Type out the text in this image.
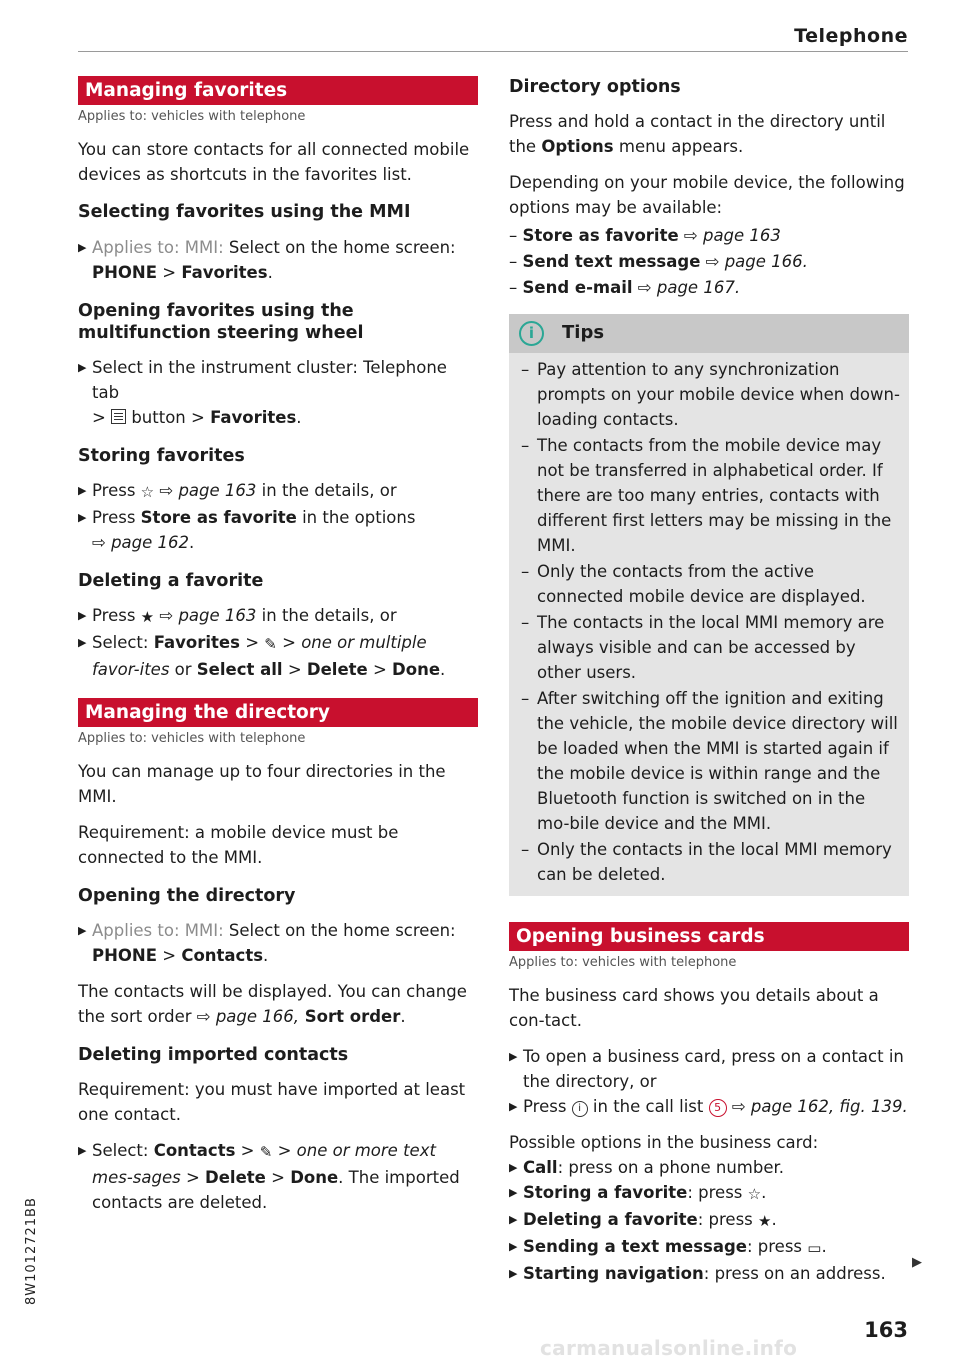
Telephone
Managing favorites
Applies to: vehicles with telephone

You can store contacts for all connected mobile devices as shortcuts in the favorites list.

Selecting favorites using the MMI
▶ Applies to: MMI: Select on the home screen:
PHONE > Favorites.
Opening favorites using the multifunction steering wheel
▶ Select in the instrument cluster: Telephone tab
>  button > Favorites.
Storing favorites
▶ Press ☆ ⇨ page 163 in the details, or
▶ Press Store as favorite in the options
⇨ page 162.
Deleting a favorite
▶ Press ★ ⇨ page 163 in the details, or
▶ Select: Favorites > ✎ > one or multiple favor-ites or Select all > Delete > Done.
Managing the directory
Applies to: vehicles with telephone

You can manage up to four directories in the MMI.

Requirement: a mobile device must be connected to the MMI.

Opening the directory
▶ Applies to: MMI: Select on the home screen:
PHONE > Contacts.

The contacts will be displayed. You can change the sort order ⇨ page 166, Sort order.

Deleting imported contacts

Requirement: you must have imported at least one contact.

▶ Select: Contacts > ✎ > one or more text mes-sages > Delete > Done. The imported contacts are deleted.
Directory options

Press and hold a contact in the directory until the Options menu appears.

Depending on your mobile device, the following options may be available:

– Store as favorite ⇨ page 163
– Send text message ⇨ page 166.
– Send e-mail ⇨ page 167.
i	Tips
– Pay attention to any synchronization prompts on your mobile device when down-loading contacts.
– The contacts from the mobile device may not be transferred in alphabetical order. If there are too many entries, contacts with different first letters may be missing in the MMI.
– Only the contacts from the active connected mobile device are displayed.
– The contacts in the local MMI memory are always visible and can be accessed by other users.
– After switching off the ignition and exiting the vehicle, the mobile device directory will be loaded when the MMI is started again if the mobile device is within range and the Bluetooth function is switched on in the mo-bile device and the MMI.
– Only the contacts in the local MMI memory can be deleted.
Opening business cards
Applies to: vehicles with telephone

The business card shows you details about a con-tact.

▶ To open a business card, press on a contact in the directory, or
▶ Press i in the call list 5 ⇨ page 162, fig. 139.

Possible options in the business card:

▶ Call: press on a phone number.
▶ Storing a favorite: press ☆.
▶ Deleting a favorite: press ★.
▶ Sending a text message: press ▭.
▶ Starting navigation: press on an address.
▶
8W1012721BB
163
carmanualsonline.info
